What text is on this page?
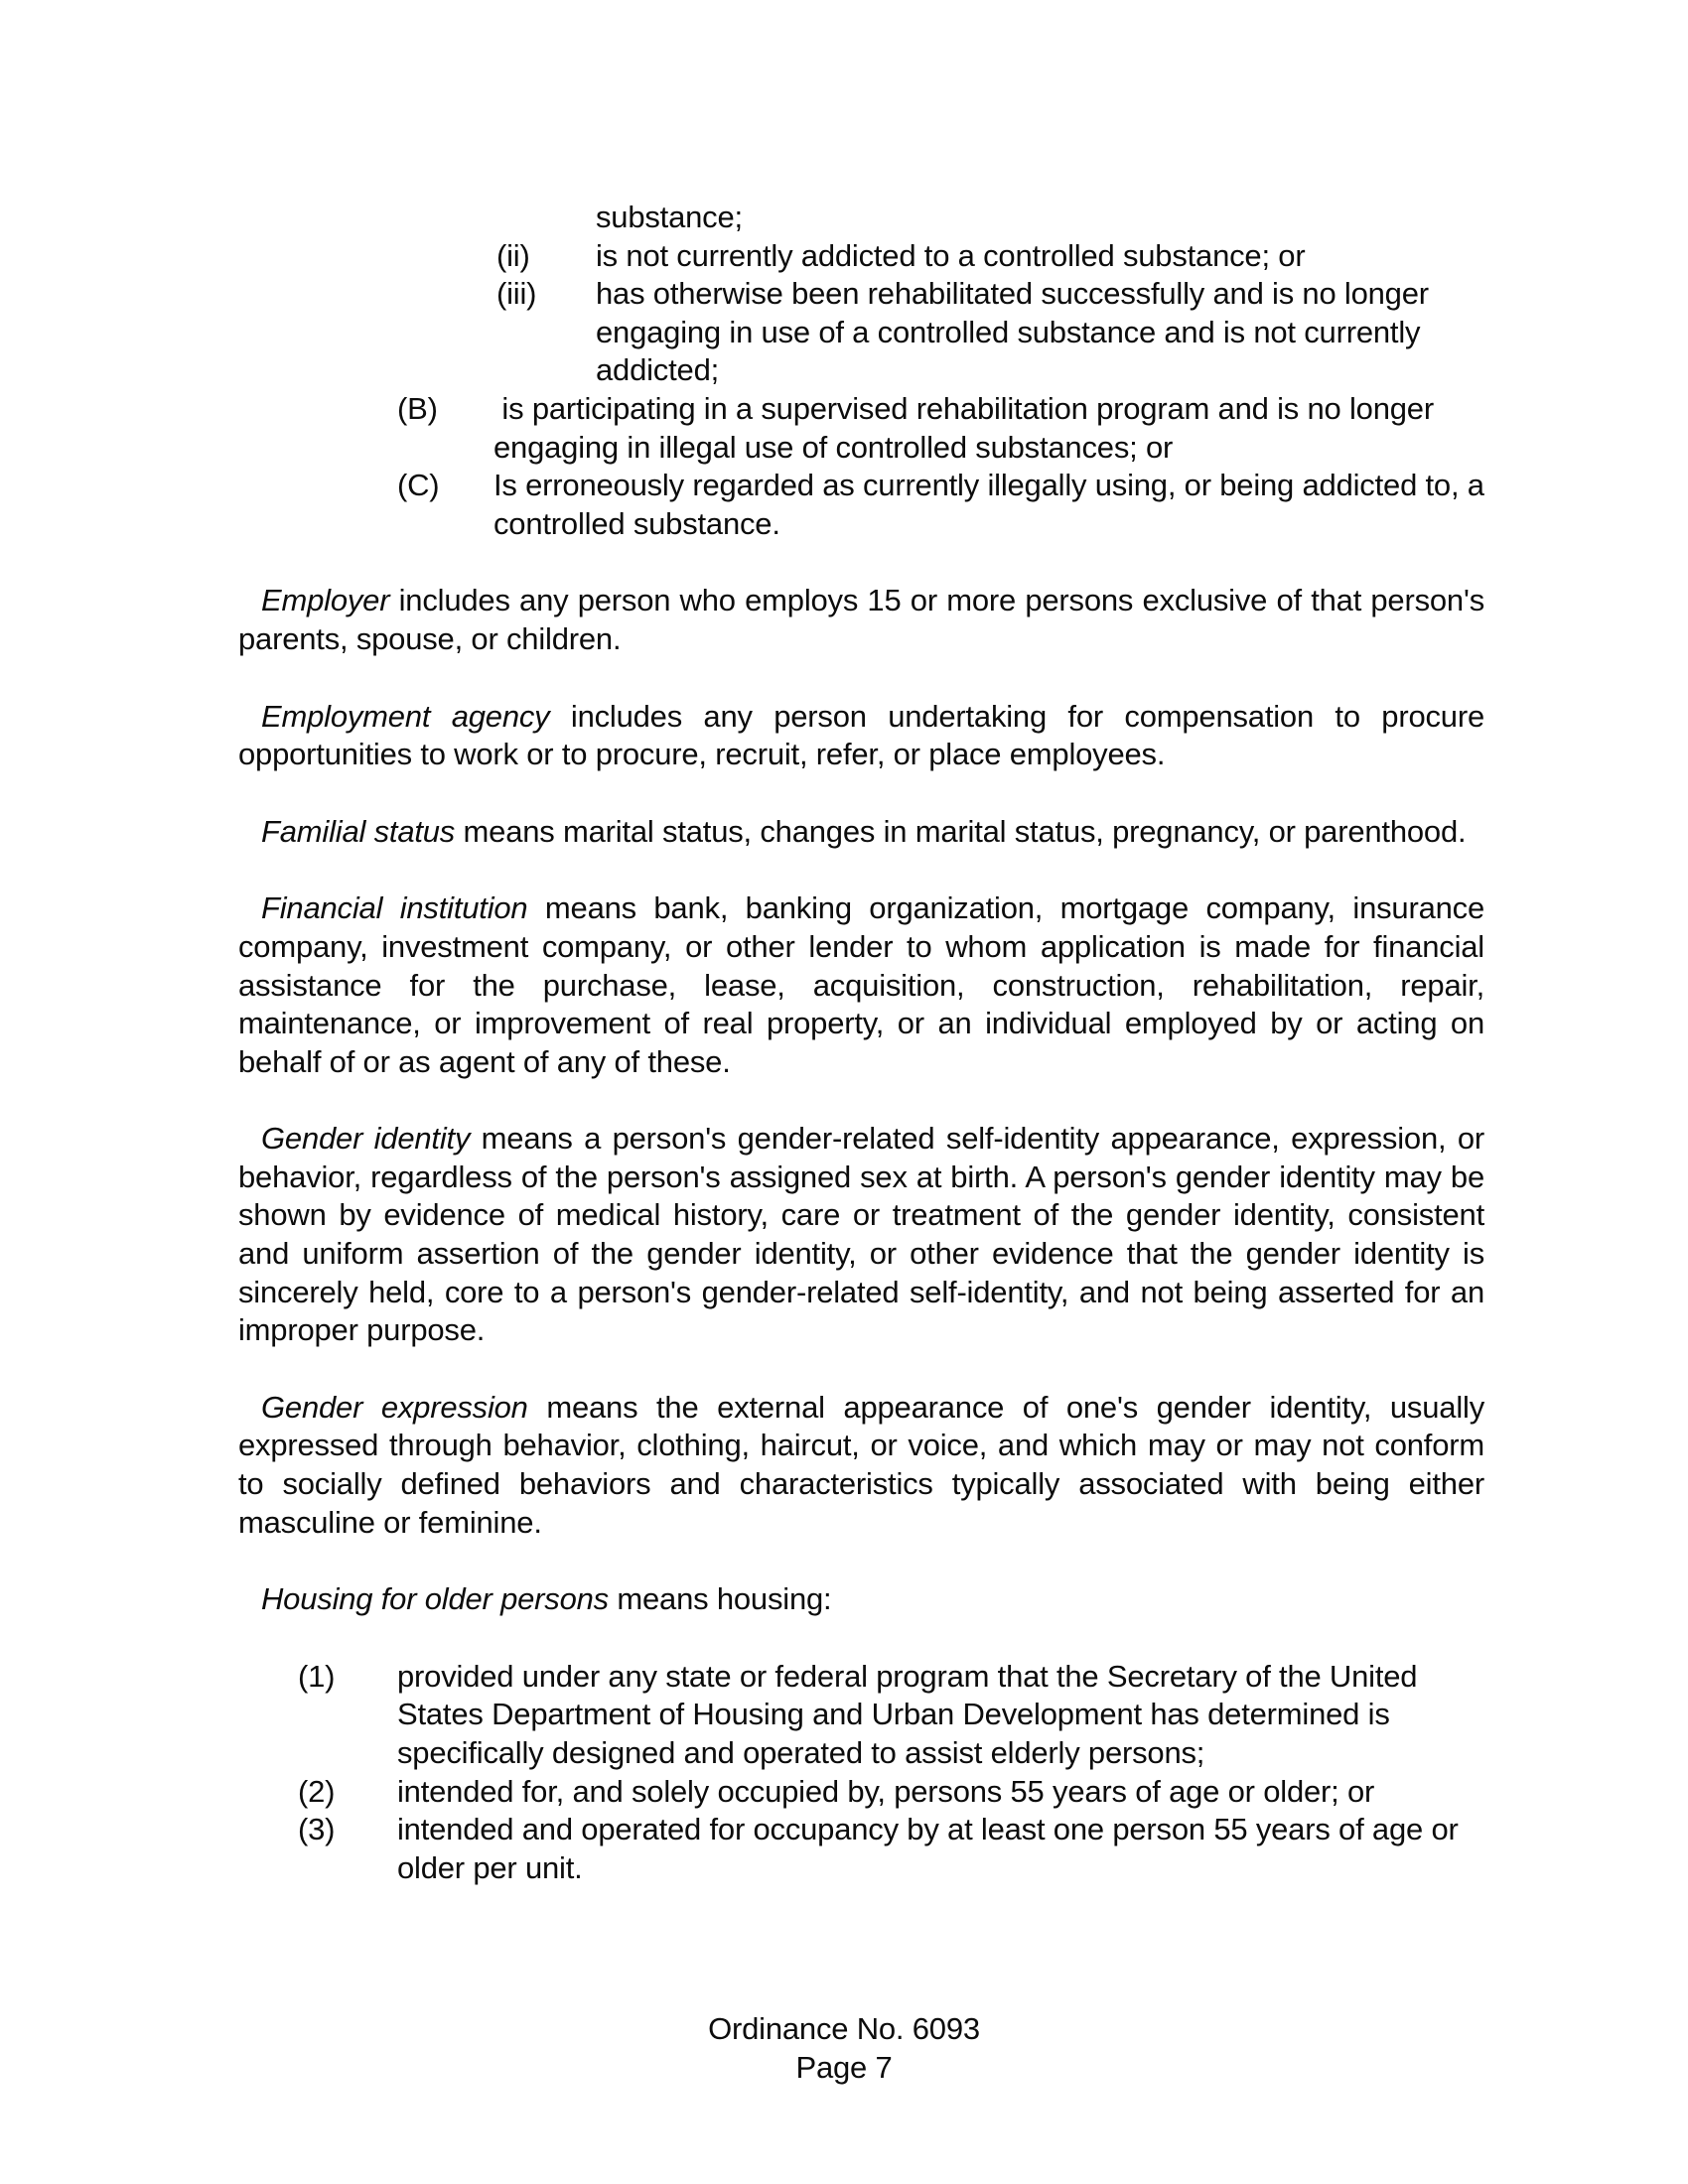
substance;
(ii)	is not currently addicted to a controlled substance; or
(iii)	has otherwise been rehabilitated successfully and is no longer engaging in use of a controlled substance and is not currently addicted;
(B)	is participating in a supervised rehabilitation program and is no longer engaging in illegal use of controlled substances; or
(C)	Is erroneously regarded as currently illegally using, or being addicted to, a controlled substance.

Employer includes any person who employs 15 or more persons exclusive of that person's parents, spouse, or children.

Employment agency includes any person undertaking for compensation to procure opportunities to work or to procure, recruit, refer, or place employees.

Familial status means marital status, changes in marital status, pregnancy, or parenthood.

Financial institution means bank, banking organization, mortgage company, insurance company, investment company, or other lender to whom application is made for financial assistance for the purchase, lease, acquisition, construction, rehabilitation, repair, maintenance, or improvement of real property, or an individual employed by or acting on behalf of or as agent of any of these.

Gender identity means a person's gender-related self-identity appearance, expression, or behavior, regardless of the person's assigned sex at birth. A person's gender identity may be shown by evidence of medical history, care or treatment of the gender identity, consistent and uniform assertion of the gender identity, or other evidence that the gender identity is sincerely held, core to a person's gender-related self-identity, and not being asserted for an improper purpose.

Gender expression means the external appearance of one's gender identity, usually expressed through behavior, clothing, haircut, or voice, and which may or may not conform to socially defined behaviors and characteristics typically associated with being either masculine or feminine.

Housing for older persons means housing:

(1)	provided under any state or federal program that the Secretary of the United States Department of Housing and Urban Development has determined is specifically designed and operated to assist elderly persons;
(2)	intended for, and solely occupied by, persons 55 years of age or older; or
(3)	intended and operated for occupancy by at least one person 55 years of age or older per unit.
Ordinance No. 6093
Page 7
